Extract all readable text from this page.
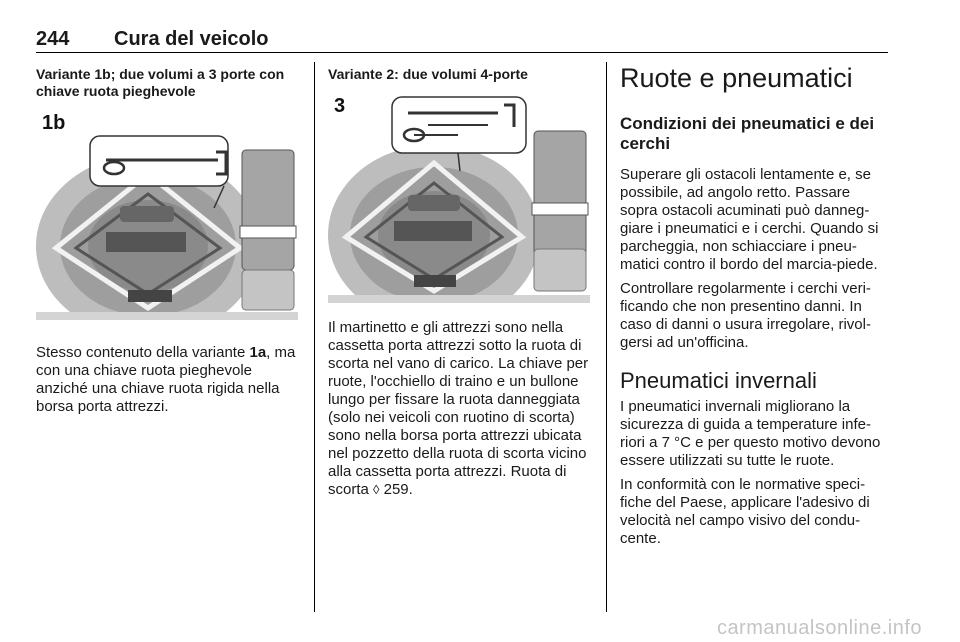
244 Cura del veicolo

Variante 1b; due volumi a 3 porte con chiave ruota pieghevole

1b

Stesso contenuto della variante 1a, ma con una chiave ruota pieghevole anziché una chiave ruota rigida nella borsa porta attrezzi.

Variante 2: due volumi 4-porte

3

Il martinetto e gli attrezzi sono nella cassetta porta attrezzi sotto la ruota di scorta nel vano di carico. La chiave per ruote, l'occhiello di traino e un bullone lungo per fissare la ruota danneggiata (solo nei veicoli con ruotino di scorta) sono nella borsa porta attrezzi ubicata nel pozzetto della ruota di scorta vicino alla cassetta porta attrezzi. Ruota di scorta ◊ 259.

Ruote e pneumatici
Condizioni dei pneumatici e dei cerchi

Superare gli ostacoli lentamente e, se possibile, ad angolo retto. Passare sopra ostacoli acuminati può danneg-giare i pneumatici e i cerchi. Quando si parcheggia, non schiacciare i pneu-matici contro il bordo del marcia-piede.

Controllare regolarmente i cerchi veri-ficando che non presentino danni. In caso di danni o usura irregolare, rivol-gersi ad un'officina.

Pneumatici invernali

I pneumatici invernali migliorano la sicurezza di guida a temperature infe-riori a 7 °C e per questo motivo devono essere utilizzati su tutte le ruote.

In conformità con le normative speci-fiche del Paese, applicare l'adesivo di velocità nel campo visivo del condu-cente.

carmanualsonline.info
